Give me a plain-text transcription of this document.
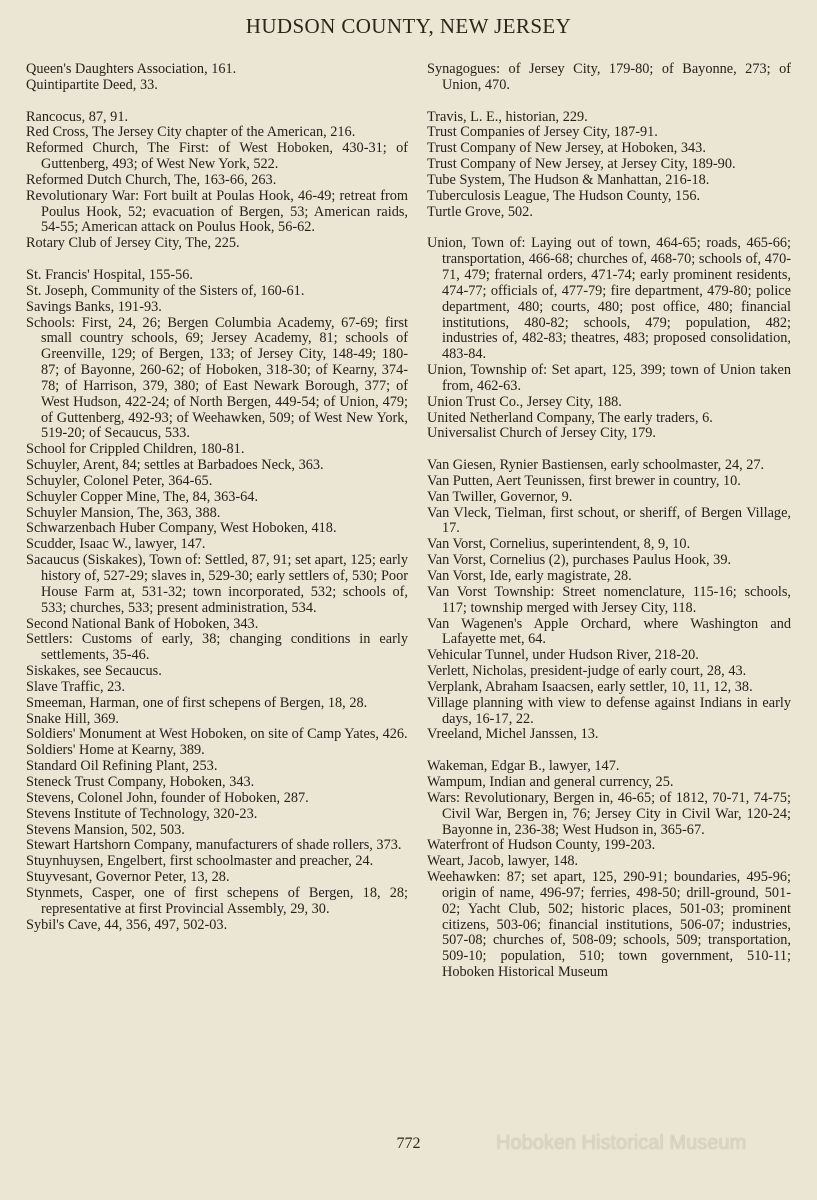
HUDSON COUNTY, NEW JERSEY
Queen's Daughters Association, 161.
Quintipartite Deed, 33.
Rancocus, 87, 91.
Red Cross, The Jersey City chapter of the American, 216.
Reformed Church, The First: of West Hoboken, 430-31; of Guttenberg, 493; of West New York, 522.
Reformed Dutch Church, The, 163-66, 263.
Revolutionary War: Fort built at Poulas Hook, 46-49; retreat from Poulus Hook, 52; evacuation of Bergen, 53; American raids, 54-55; American attack on Poulus Hook, 56-62.
Rotary Club of Jersey City, The, 225.
St. Francis' Hospital, 155-56.
St. Joseph, Community of the Sisters of, 160-61.
Savings Banks, 191-93.
Schools: First, 24, 26; Bergen Columbia Academy, 67-69; first small country schools, 69; Jersey Academy, 81; schools of Greenville, 129; of Bergen, 133; of Jersey City, 148-49; 180-87; of Bayonne, 260-62; of Hoboken, 318-30; of Kearny, 374-78; of Harrison, 379, 380; of East Newark Borough, 377; of West Hudson, 422-24; of North Bergen, 449-54; of Union, 479; of Guttenberg, 492-93; of Weehawken, 509; of West New York, 519-20; of Secaucus, 533.
School for Crippled Children, 180-81.
Schuyler, Arent, 84; settles at Barbadoes Neck, 363.
Schuyler, Colonel Peter, 364-65.
Schuyler Copper Mine, The, 84, 363-64.
Schuyler Mansion, The, 363, 388.
Schwarzenbach Huber Company, West Hoboken, 418.
Scudder, Isaac W., lawyer, 147.
Sacaucus (Siskakes), Town of: Settled, 87, 91; set apart, 125; early history of, 527-29; slaves in, 529-30; early settlers of, 530; Poor House Farm at, 531-32; town incorporated, 532; schools of, 533; churches, 533; present administration, 534.
Second National Bank of Hoboken, 343.
Settlers: Customs of early, 38; changing conditions in early settlements, 35-46.
Siskakes, see Secaucus.
Slave Traffic, 23.
Smeeman, Harman, one of first schepens of Bergen, 18, 28.
Snake Hill, 369.
Soldiers' Monument at West Hoboken, on site of Camp Yates, 426.
Soldiers' Home at Kearny, 389.
Standard Oil Refining Plant, 253.
Steneck Trust Company, Hoboken, 343.
Stevens, Colonel John, founder of Hoboken, 287.
Stevens Institute of Technology, 320-23.
Stevens Mansion, 502, 503.
Stewart Hartshorn Company, manufacturers of shade rollers, 373.
Stuynhuysen, Engelbert, first schoolmaster and preacher, 24.
Stuyvesant, Governor Peter, 13, 28.
Stynmets, Casper, one of first schepens of Bergen, 18, 28; representative at first Provincial Assembly, 29, 30.
Sybil's Cave, 44, 356, 497, 502-03.
Synagogues: of Jersey City, 179-80; of Bayonne, 273; of Union, 470.
Travis, L. E., historian, 229.
Trust Companies of Jersey City, 187-91.
Trust Company of New Jersey, at Hoboken, 343.
Trust Company of New Jersey, at Jersey City, 189-90.
Tube System, The Hudson & Manhattan, 216-18.
Tuberculosis League, The Hudson County, 156.
Turtle Grove, 502.
Union, Town of: Laying out of town, 464-65; roads, 465-66; transportation, 466-68; churches of, 468-70; schools of, 470-71, 479; fraternal orders, 471-74; early prominent residents, 474-77; officials of, 477-79; fire department, 479-80; police department, 480; courts, 480; post office, 480; financial institutions, 480-82; schools, 479; population, 482; industries of, 482-83; theatres, 483; proposed consolidation, 483-84.
Union, Township of: Set apart, 125, 399; town of Union taken from, 462-63.
Union Trust Co., Jersey City, 188.
United Netherland Company, The early traders, 6.
Universalist Church of Jersey City, 179.
Van Giesen, Rynier Bastiensen, early schoolmaster, 24, 27.
Van Putten, Aert Teunissen, first brewer in country, 10.
Van Twiller, Governor, 9.
Van Vleck, Tielman, first schout, or sheriff, of Bergen Village, 17.
Van Vorst, Cornelius, superintendent, 8, 9, 10.
Van Vorst, Cornelius (2), purchases Paulus Hook, 39.
Van Vorst, Ide, early magistrate, 28.
Van Vorst Township: Street nomenclature, 115-16; schools, 117; township merged with Jersey City, 118.
Van Wagenen's Apple Orchard, where Washington and Lafayette met, 64.
Vehicular Tunnel, under Hudson River, 218-20.
Verlett, Nicholas, president-judge of early court, 28, 43.
Verplank, Abraham Isaacsen, early settler, 10, 11, 12, 38.
Village planning with view to defense against Indians in early days, 16-17, 22.
Vreeland, Michel Janssen, 13.
Wakeman, Edgar B., lawyer, 147.
Wampum, Indian and general currency, 25.
Wars: Revolutionary, Bergen in, 46-65; of 1812, 70-71, 74-75; Civil War, Bergen in, 76; Jersey City in Civil War, 120-24; Bayonne in, 236-38; West Hudson in, 365-67.
Waterfront of Hudson County, 199-203.
Weart, Jacob, lawyer, 148.
Weehawken: 87; set apart, 125, 290-91; boundaries, 495-96; origin of name, 496-97; ferries, 498-50; drill-ground, 501-02; Yacht Club, 502; historic places, 501-03; prominent citizens, 503-06; financial institutions, 506-07; industries, 507-08; churches of, 508-09; schools, 509; transportation, 509-10; population, 510; town government, 510-11; Hoboken Historical Museum
772	Hoboken Historical Museum
